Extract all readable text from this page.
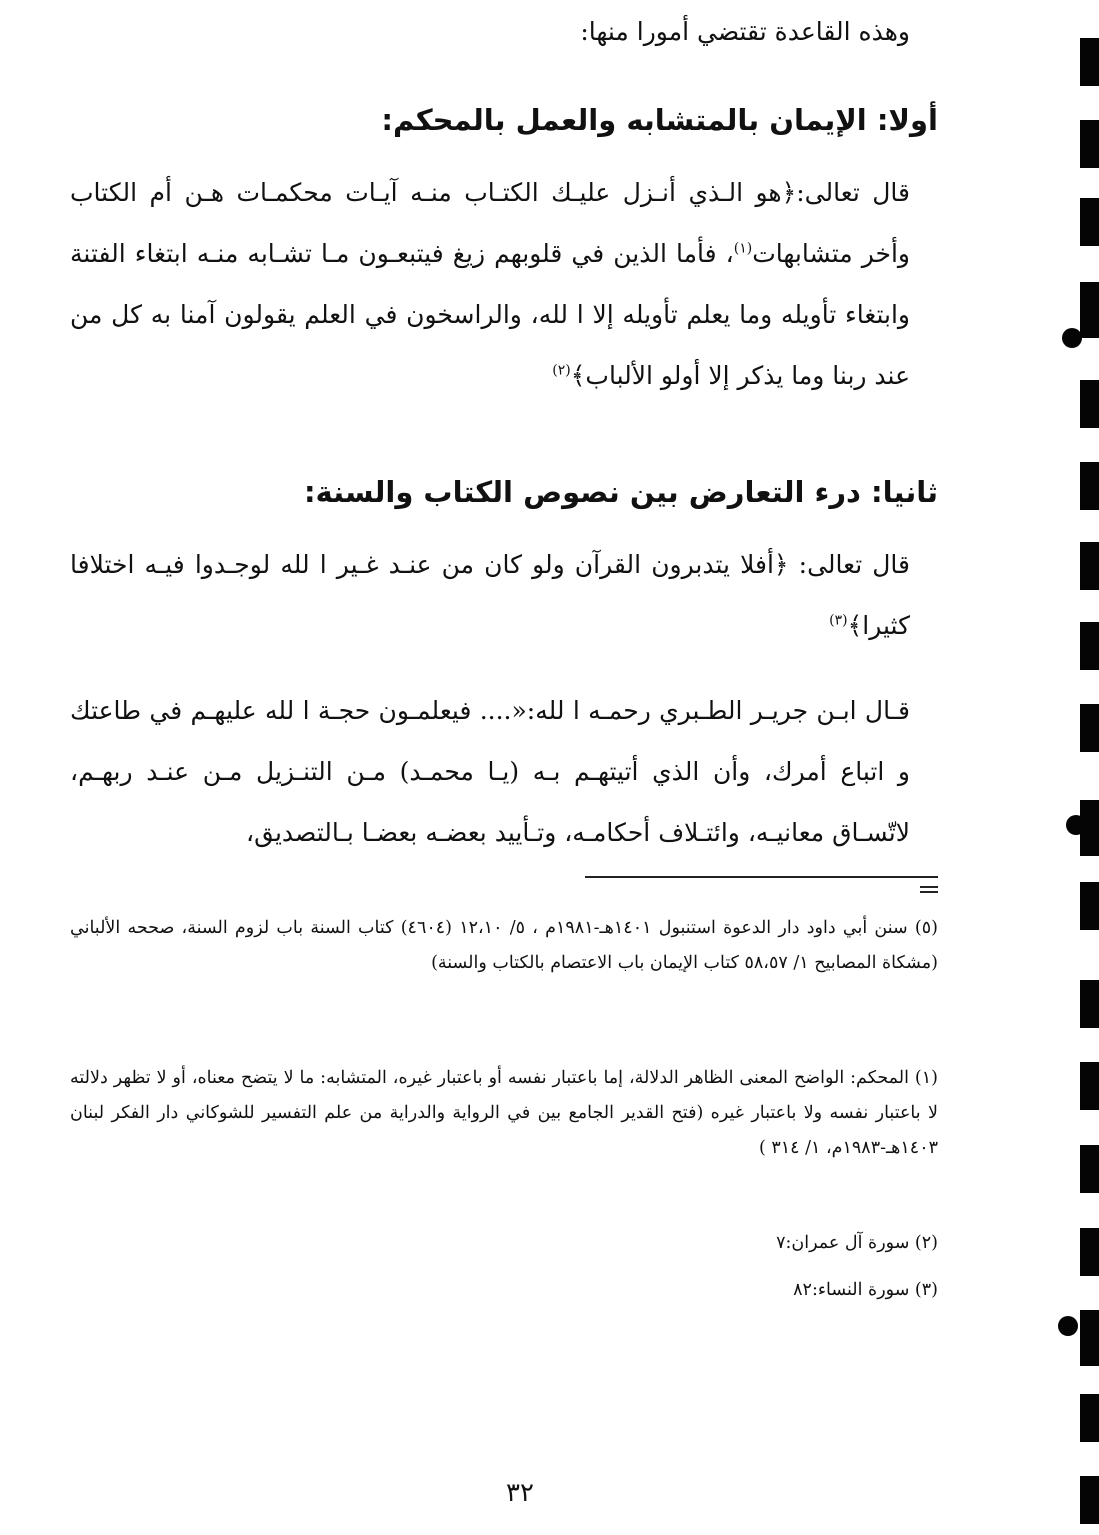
وهذه القاعدة تقتضي أمورا منها:
أولا: الإيمان بالمتشابه والعمل بالمحكم:
قال تعالى:﴿هو الـذي أنـزل عليـك الكتـاب منـه آيـات محكمـات هـن أم الكتاب وأخر متشابهات$^{(١)}$، فأما الذين في قلوبهم زيغ فيتبعـون مـا تشـابه منـه ابتغاء الفتنة وابتغاء تأويله وما يعلم تأويله إلا ا لله، والراسخون في العلم يقولون آمنا به كل من عند ربنا وما يذكر إلا أولو الألباب﴾$^{(٢)}$
ثانيا: درء التعارض بين نصوص الكتاب والسنة:
قال تعالى: ﴿أفلا يتدبرون القرآن ولو كان من عنـد غـير ا لله لوجـدوا فيـه اختلافا كثيرا﴾$^{(٣)}$
قـال ابـن جريـر الطـبري رحمـه ا لله:«.... فيعلمـون حجـة ا لله عليهـم في طاعتك و اتباع أمرك، وأن الذي أتيتهـم بـه (يـا محمـد) مـن التنـزيل مـن عنـد ربهـم، لاتّسـاق معانيـه، وائتـلاف أحكامـه، وتـأييد بعضـه بعضـا بـالتصديق،
(٥) سنن أبي داود دار الدعوة استنبول ١٤٠١هـ-١٩٨١م ، ٥/ ١٢،١٠ (٤٦٠٤) كتاب السنة باب لزوم السنة، صححه الألباني (مشكاة المصابيح ١/ ٥٨،٥٧ كتاب الإيمان باب الاعتصام بالكتاب والسنة)
(١) المحكم: الواضح المعنى الظاهر الدلالة، إما باعتبار نفسه أو باعتبار غيره، المتشابه: ما لا يتضح معناه، أو لا تظهر دلالته لا باعتبار نفسه ولا باعتبار غيره (فتح القدير الجامع بين في الرواية والدراية من علم التفسير للشوكاني دار الفكر لبنان ١٤٠٣هـ-١٩٨٣م، ١/ ٣١٤ )
(٢) سورة آل عمران:٧
(٣) سورة النساء:٨٢
٣٢
